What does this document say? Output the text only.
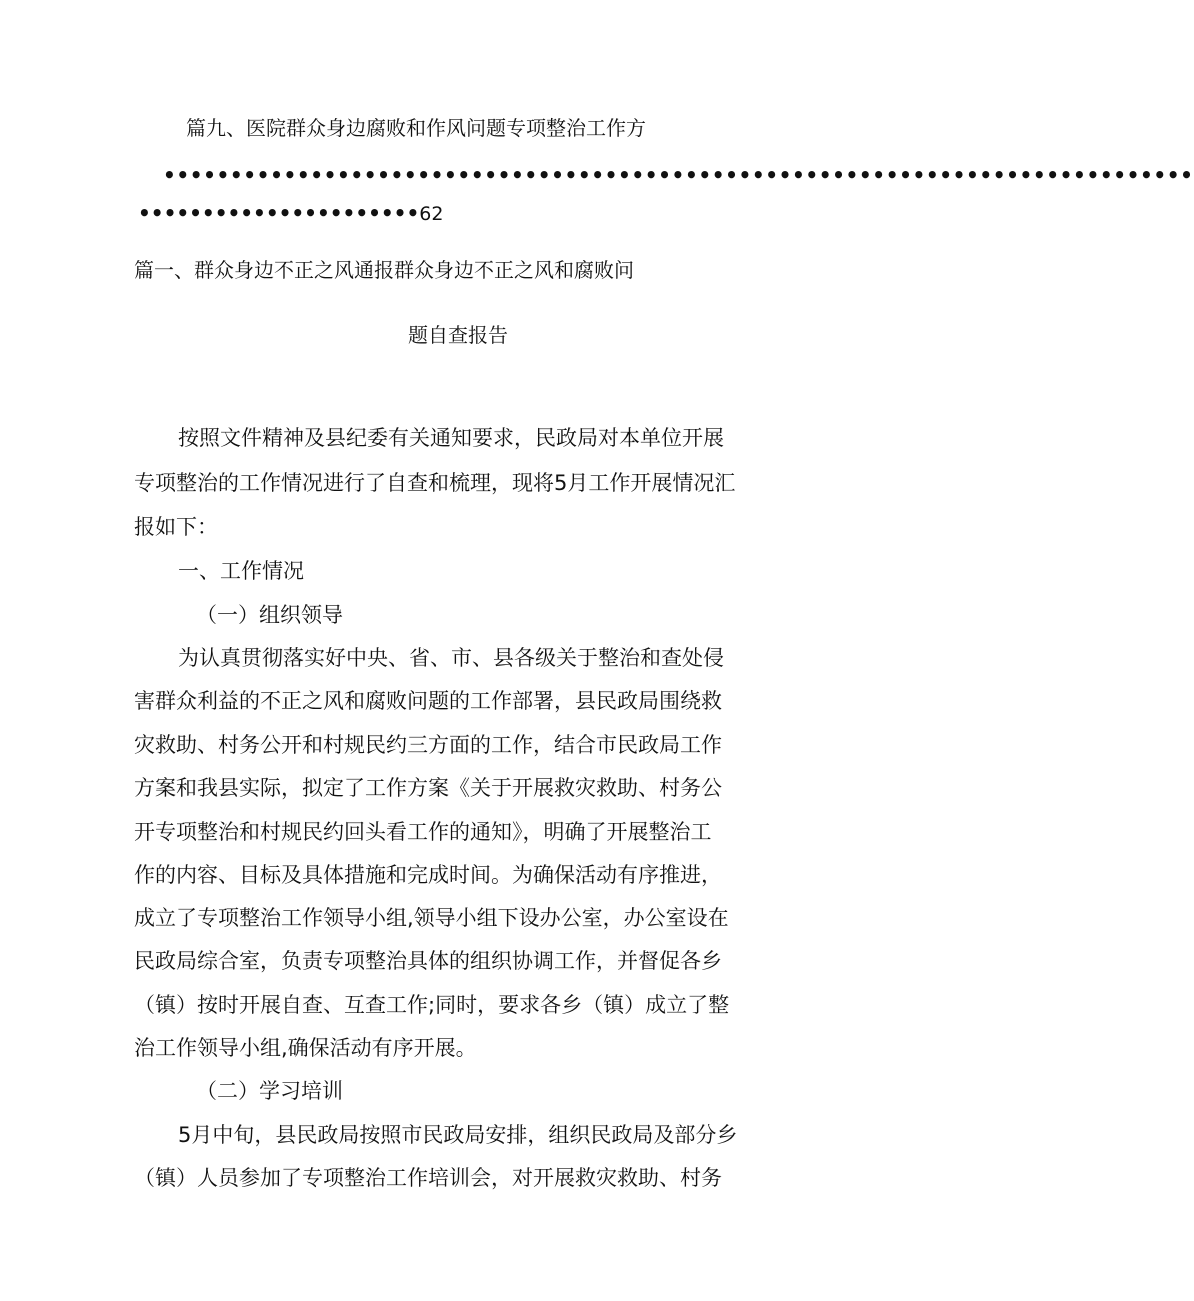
篇九、医院群众身边腐败和作风问题专项整治工作方
•••••••••••••••••••••••••••••••••••••••••••••••••••••••••••••••••••••••••••••
••••••••••••••••••••••62
篇一、群众身边不正之风通报群众身边不正之风和腐败问
题自查报告
按照文件精神及县纪委有关通知要求，民政局对本单位开展
专项整治的工作情况进行了自查和梳理，现将5月工作开展情况汇
报如下：
一、工作情况
（一）组织领导
为认真贯彻落实好中央、省、市、县各级关于整治和查处侵
害群众利益的不正之风和腐败问题的工作部署，县民政局围绕救
灾救助、村务公开和村规民约三方面的工作，结合市民政局工作
方案和我县实际，拟定了工作方案《关于开展救灾救助、村务公
开专项整治和村规民约回头看工作的通知》，明确了开展整治工
作的内容、目标及具体措施和完成时间。为确保活动有序推进，
成立了专项整治工作领导小组,领导小组下设办公室，办公室设在
民政局综合室，负责专项整治具体的组织协调工作，并督促各乡
（镇）按时开展自查、互查工作;同时，要求各乡（镇）成立了整
治工作领导小组,确保活动有序开展。
（二）学习培训
5月中旬，县民政局按照市民政局安排，组织民政局及部分乡
（镇）人员参加了专项整治工作培训会，对开展救灾救助、村务
